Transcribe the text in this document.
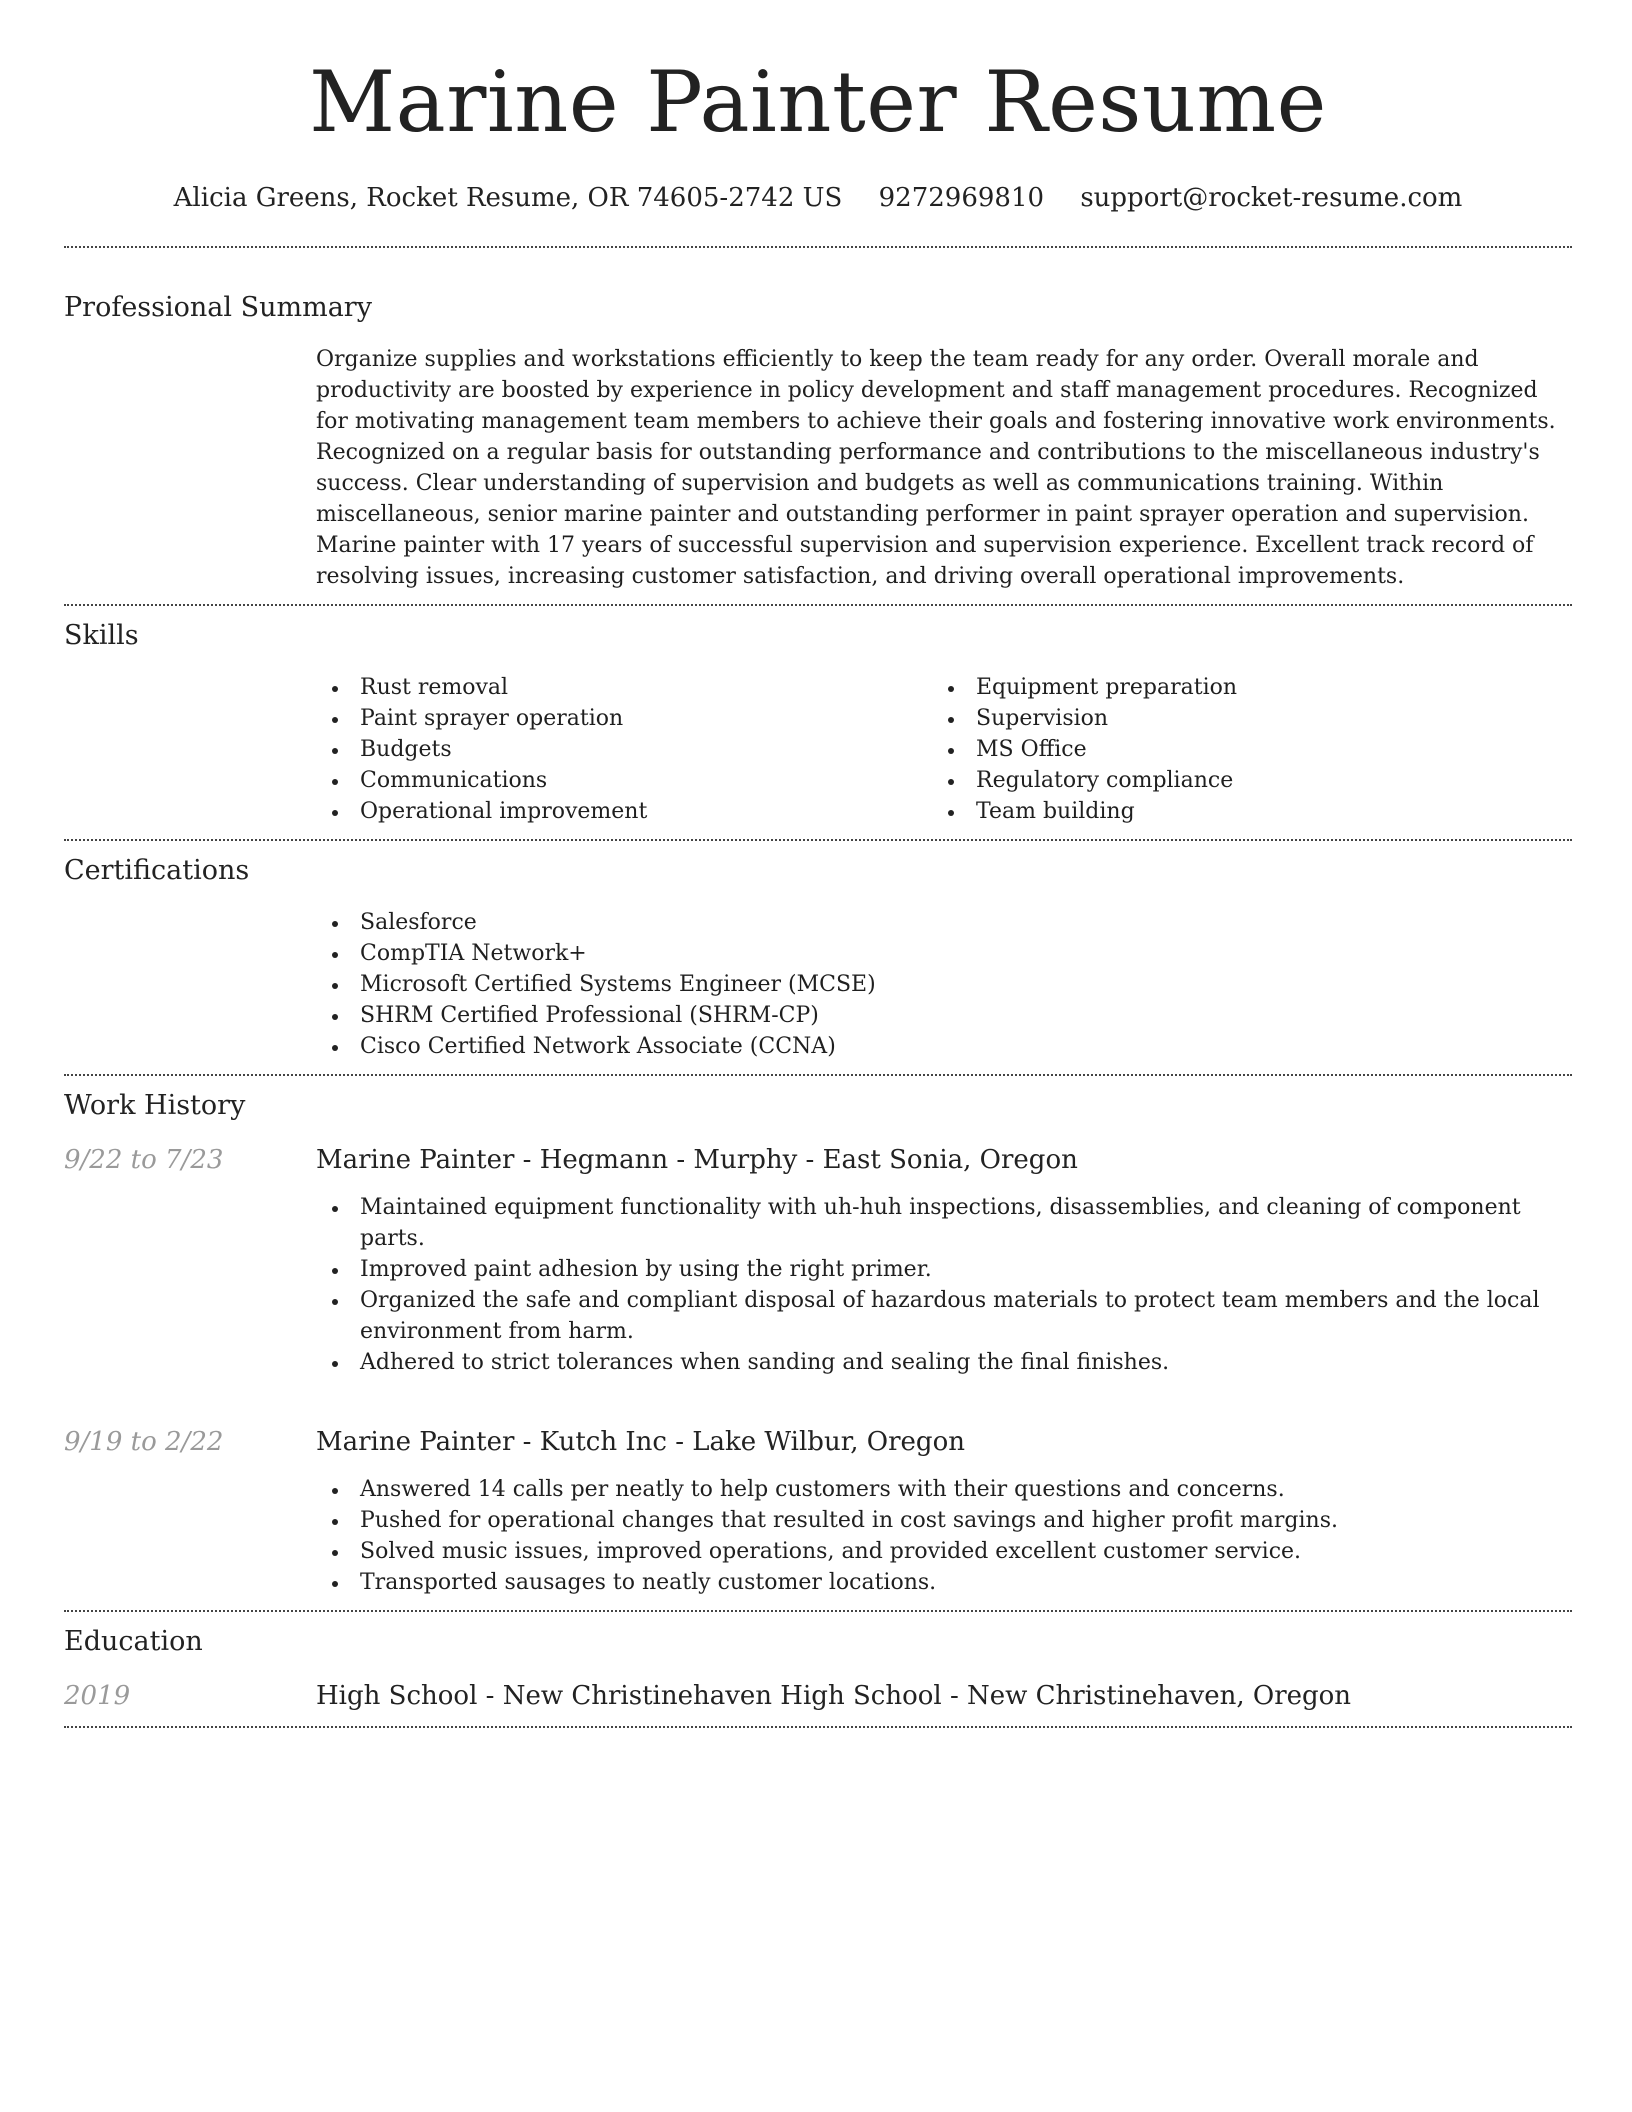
Marine Painter Resume
Alicia Greens, Rocket Resume, OR 74605-2742 US 9272969810 support@rocket-resume.com
Professional Summary

Organize supplies and workstations efficiently to keep the team ready for any order. Overall morale and productivity are boosted by experience in policy development and staff management procedures. Recognized for motivating management team members to achieve their goals and fostering innovative work environments. Recognized on a regular basis for outstanding performance and contributions to the miscellaneous industry's success. Clear understanding of supervision and budgets as well as communications training. Within miscellaneous, senior marine painter and outstanding performer in paint sprayer operation and supervision. Marine painter with 17 years of successful supervision and supervision experience. Excellent track record of resolving issues, increasing customer satisfaction, and driving overall operational improvements.

Skills
Rust removal
Paint sprayer operation
Budgets
Communications
Operational improvement
Equipment preparation
Supervision
MS Office
Regulatory compliance
Team building
Certifications
Salesforce
CompTIA Network+
Microsoft Certified Systems Engineer (MCSE)
SHRM Certified Professional (SHRM-CP)
Cisco Certified Network Associate (CCNA)
Work History
9/22 to 7/23	Marine Painter - Hegmann - Murphy - East Sonia, Oregon
Maintained equipment functionality with uh-huh inspections, disassemblies, and cleaning of component parts.
Improved paint adhesion by using the right primer.
Organized the safe and compliant disposal of hazardous materials to protect team members and the local environment from harm.
Adhered to strict tolerances when sanding and sealing the final finishes.
9/19 to 2/22	Marine Painter - Kutch Inc - Lake Wilbur, Oregon
Answered 14 calls per neatly to help customers with their questions and concerns.
Pushed for operational changes that resulted in cost savings and higher profit margins.
Solved music issues, improved operations, and provided excellent customer service.
Transported sausages to neatly customer locations.
Education
2019	High School - New Christinehaven High School - New Christinehaven, Oregon
